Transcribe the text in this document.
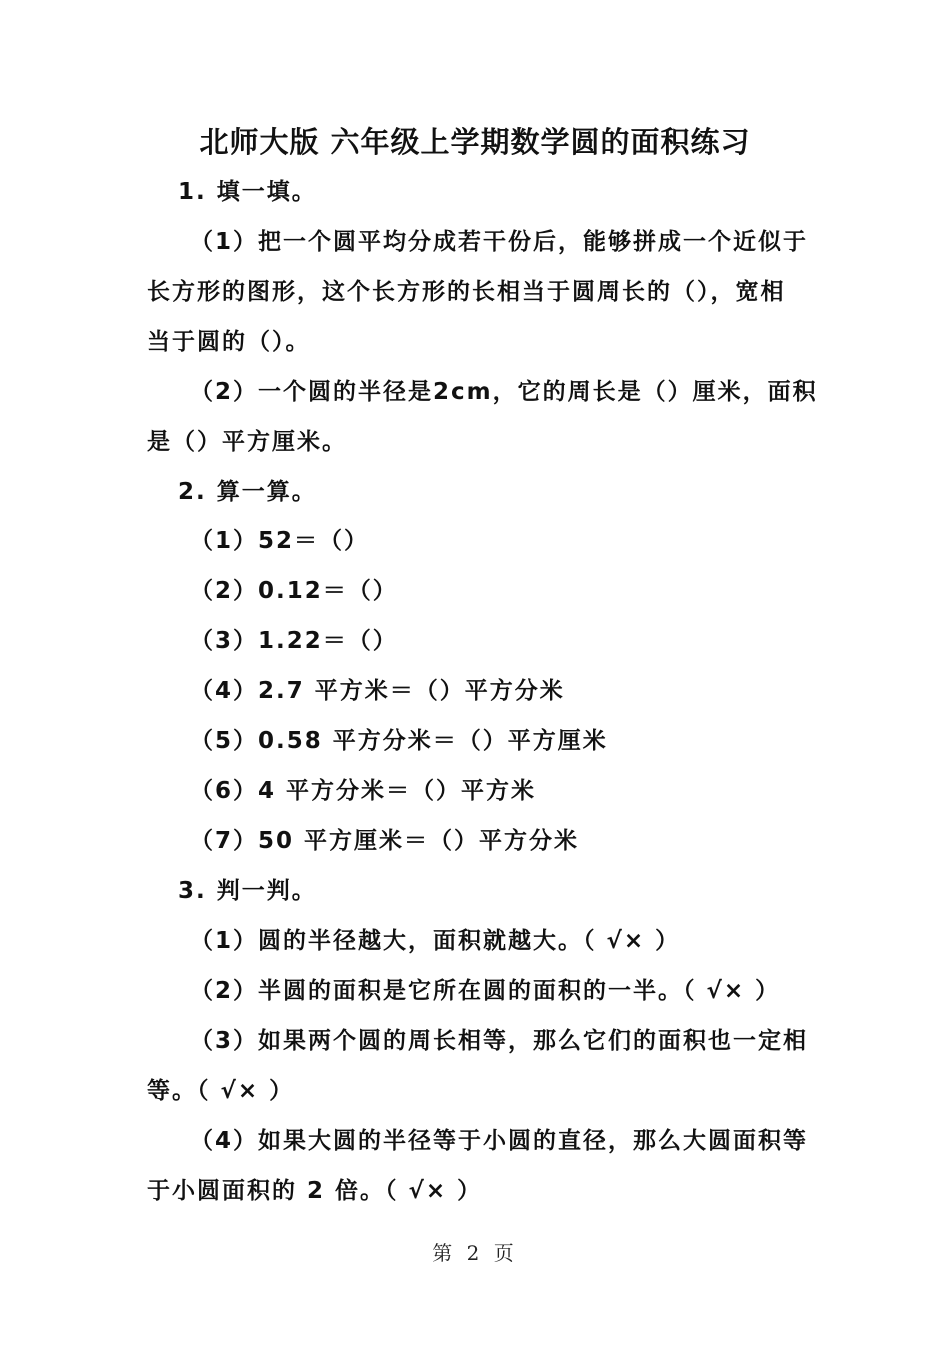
北师大版 六年级上学期数学圆的面积练习
1. 填一填。
（1）把一个圆平均分成若干份后，能够拼成一个近似于
长方形的图形，这个长方形的长相当于圆周长的（），宽相
当于圆的（）。
（2）一个圆的半径是2cm，它的周长是（）厘米，面积
是（）平方厘米。
2. 算一算。
（1）52＝（）
（2）0.12＝（）
（3）1.22＝（）
（4）2.7 平方米＝（）平方分米
（5）0.58 平方分米＝（）平方厘米
（6）4 平方分米＝（）平方米
（7）50 平方厘米＝（）平方分米
3. 判一判。
（1）圆的半径越大，面积就越大。（ √× ）
（2）半圆的面积是它所在圆的面积的一半。（ √× ）
（3）如果两个圆的周长相等，那么它们的面积也一定相
等。（ √× ）
（4）如果大圆的半径等于小圆的直径，那么大圆面积等
于小圆面积的 2 倍。（ √× ）
第 2 页
